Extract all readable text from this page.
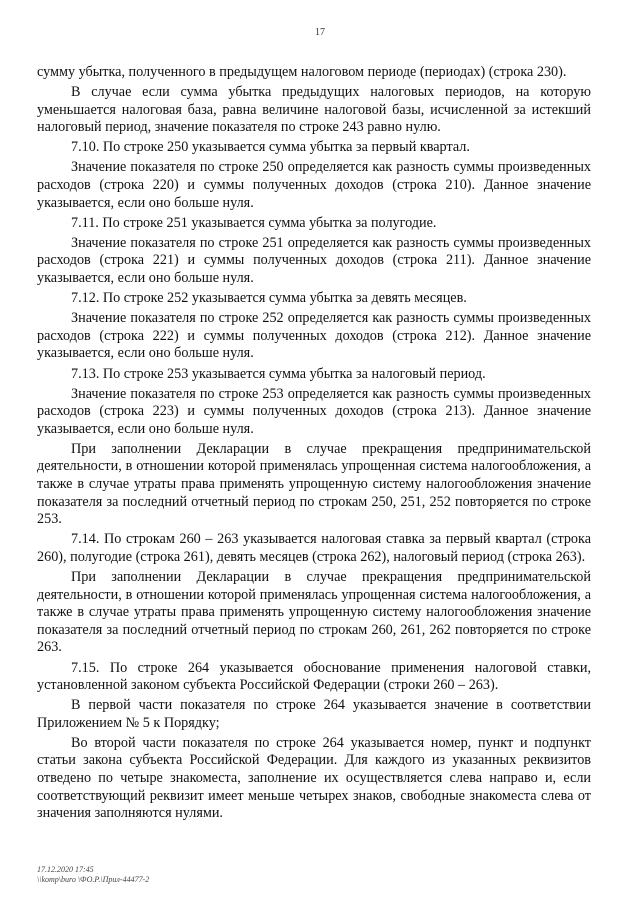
17

сумму убытка, полученного в предыдущем налоговом периоде (периодах) (строка 230).

В случае если сумма убытка предыдущих налоговых периодов, на которую уменьшается налоговая база, равна величине налоговой базы, исчисленной за истекший налоговый период, значение показателя по строке 243 равно нулю.

7.10. По строке 250 указывается сумма убытка за первый квартал.

Значение показателя по строке 250 определяется как разность суммы произведенных расходов (строка 220) и суммы полученных доходов (строка 210). Данное значение указывается, если оно больше нуля.

7.11. По строке 251 указывается сумма убытка за полугодие.

Значение показателя по строке 251 определяется как разность суммы произведенных расходов (строка 221) и суммы полученных доходов (строка 211). Данное значение указывается, если оно больше нуля.

7.12. По строке 252 указывается сумма убытка за девять месяцев.

Значение показателя по строке 252 определяется как разность суммы произведенных расходов (строка 222) и суммы полученных доходов (строка 212). Данное значение указывается, если оно больше нуля.

7.13. По строке 253 указывается сумма убытка за налоговый период.

Значение показателя по строке 253 определяется как разность суммы произведенных расходов (строка 223) и суммы полученных доходов (строка 213). Данное значение указывается, если оно больше нуля.

При заполнении Декларации в случае прекращения предпринимательской деятельности, в отношении которой применялась упрощенная система налогообложения, а также в случае утраты права применять упрощенную систему налогообложения значение показателя за последний отчетный период по строкам 250, 251, 252 повторяется по строке 253.

7.14. По строкам 260 – 263 указывается налоговая ставка за первый квартал (строка 260), полугодие (строка 261), девять месяцев (строка 262), налоговый период (строка 263).

При заполнении Декларации в случае прекращения предпринимательской деятельности, в отношении которой применялась упрощенная система налогообложения, а также в случае утраты права применять упрощенную систему налогообложения значение показателя за последний отчетный период по строкам 260, 261, 262 повторяется по строке 263.

7.15. По строке 264 указывается обоснование применения налоговой ставки, установленной законом субъекта Российской Федерации (строки 260 – 263).

В первой части показателя по строке 264 указывается значение в соответствии Приложением № 5 к Порядку;

Во второй части показателя по строке 264 указывается номер, пункт и подпункт статьи закона субъекта Российской Федерации. Для каждого из указанных реквизитов отведено по четыре знакоместа, заполнение их осуществляется слева направо и, если соответствующий реквизит имеет меньше четырех знаков, свободные знакоместа слева от значения заполняются нулями.

17.12.2020 17:45
\\komp\buro \ФО.Р.\Прил-44477-2
